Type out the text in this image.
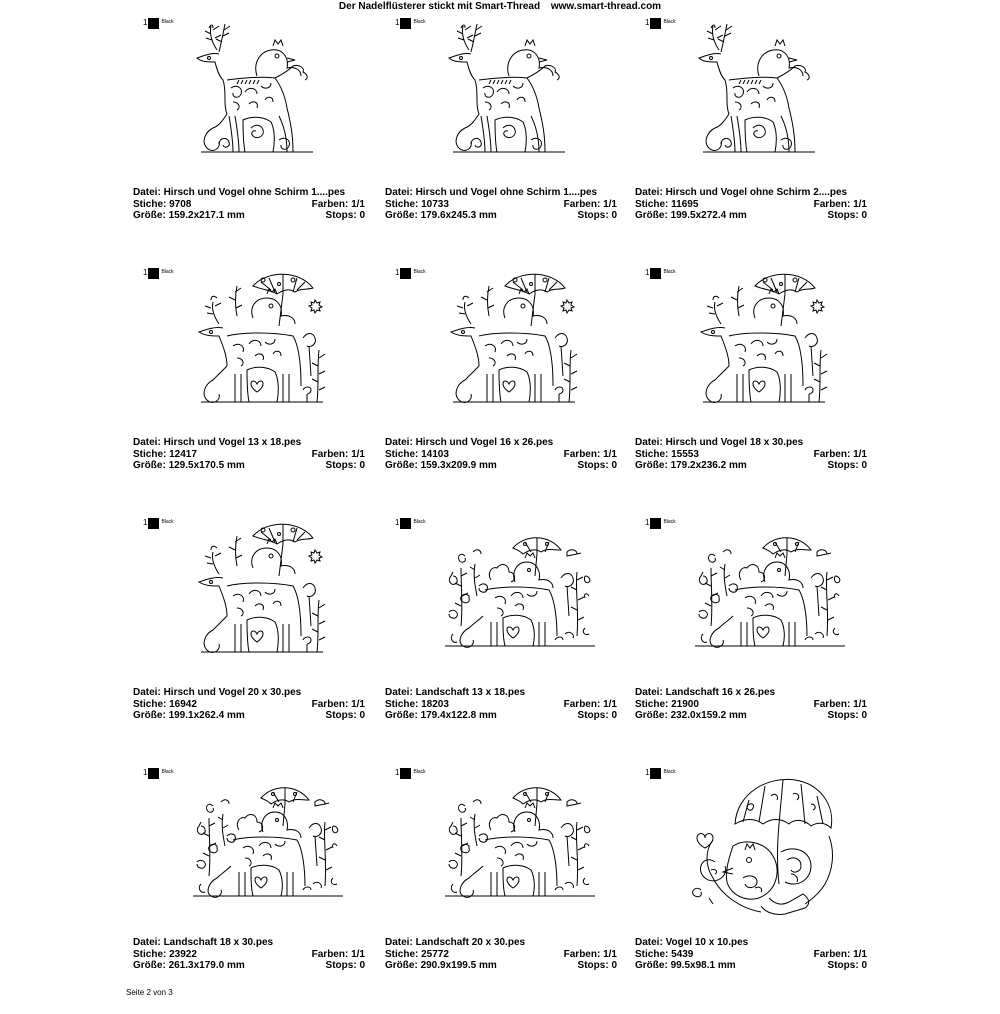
Der Nadelflüsterer stickt mit Smart-Thread www.smart-thread.com
1	Black
Datei: Hirsch und Vogel ohne Schirm 1....pes
Stiche: 9708	Farben: 1/1
Größe: 159.2x217.1 mm	Stops: 0
1	Black
Datei: Hirsch und Vogel ohne Schirm 1....pes
Stiche: 10733	Farben: 1/1
Größe: 179.6x245.3 mm	Stops: 0
1	Black
Datei: Hirsch und Vogel ohne Schirm 2....pes
Stiche: 11695	Farben: 1/1
Größe: 199.5x272.4 mm	Stops: 0
1	Black
Datei: Hirsch und Vogel 13 x 18.pes
Stiche: 12417	Farben: 1/1
Größe: 129.5x170.5 mm	Stops: 0
1	Black
Datei: Hirsch und Vogel 16 x 26.pes
Stiche: 14103	Farben: 1/1
Größe: 159.3x209.9 mm	Stops: 0
1	Black
Datei: Hirsch und Vogel 18 x 30.pes
Stiche: 15553	Farben: 1/1
Größe: 179.2x236.2 mm	Stops: 0
1	Black
Datei: Hirsch und Vogel 20 x 30.pes
Stiche: 16942	Farben: 1/1
Größe: 199.1x262.4 mm	Stops: 0
1	Black
Datei: Landschaft 13 x 18.pes
Stiche: 18203	Farben: 1/1
Größe: 179.4x122.8 mm	Stops: 0
1	Black
Datei: Landschaft 16 x 26.pes
Stiche: 21900	Farben: 1/1
Größe: 232.0x159.2 mm	Stops: 0
1	Black
Datei: Landschaft 18 x 30.pes
Stiche: 23922	Farben: 1/1
Größe: 261.3x179.0 mm	Stops: 0
1	Black
Datei: Landschaft 20 x 30.pes
Stiche: 25772	Farben: 1/1
Größe: 290.9x199.5 mm	Stops: 0
1	Black
Datei: Vogel 10 x 10.pes
Stiche: 5439	Farben: 1/1
Größe: 99.5x98.1 mm	Stops: 0
Seite 2 von 3
